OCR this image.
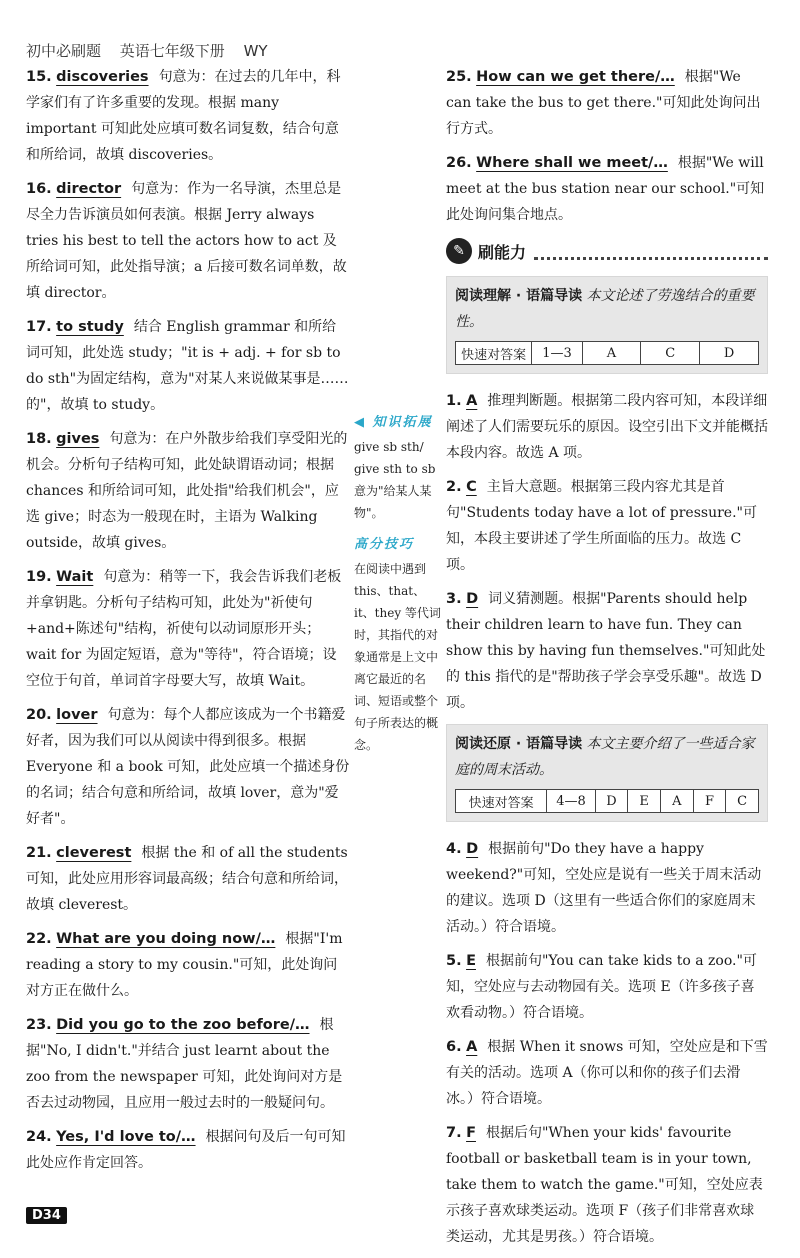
初中必刷题 英语七年级下册 WY
15. discoveries 句意为：在过去的几年中，科学家们有了许多重要的发现。根据 many important 可知此处应填可数名词复数，结合句意和所给词，故填 discoveries。
16. director 句意为：作为一名导演，杰里总是尽全力告诉演员如何表演。根据 Jerry always tries his best to tell the actors how to act 及所给词可知，此处指导演；a 后接可数名词单数，故填 director。
17. to study 结合 English grammar 和所给词可知，此处选 study；"it is + adj. + for sb to do sth"为固定结构，意为"对某人来说做某事是……的"，故填 to study。
18. gives 句意为：在户外散步给我们享受阳光的机会。分析句子结构可知，此处缺谓语动词；根据 chances 和所给词可知，此处指"给我们机会"，应选 give；时态为一般现在时，主语为 Walking outside，故填 gives。
19. Wait 句意为：稍等一下，我会告诉我们老板并拿钥匙。分析句子结构可知，此处为"祈使句+and+陈述句"结构，祈使句以动词原形开头；wait for 为固定短语，意为"等待"，符合语境；设空位于句首，单词首字母要大写，故填 Wait。
20. lover 句意为：每个人都应该成为一个书籍爱好者，因为我们可以从阅读中得到很多。根据 Everyone 和 a book 可知，此处应填一个描述身份的名词；结合句意和所给词，故填 lover，意为"爱好者"。
21. cleverest 根据 the 和 of all the students 可知，此处应用形容词最高级；结合句意和所给词，故填 cleverest。
22. What are you doing now/… 根据"I'm reading a story to my cousin."可知，此处询问对方正在做什么。
23. Did you go to the zoo before/… 根据"No, I didn't."并结合 just learnt about the zoo from the newspaper 可知，此处询问对方是否去过动物园，且应用一般过去时的一般疑问句。
24. Yes, I'd love to/… 根据问句及后一句可知此处应作肯定回答。
◀ 知识拓展
give sb sth/ give sth to sb 意为"给某人某物"。
高分技巧
在阅读中遇到 this、that、it、they 等代词时，其指代的对象通常是上文中离它最近的名词、短语或整个句子所表达的概念。
25. How can we get there/… 根据"We can take the bus to get there."可知此处询问出行方式。
26. Where shall we meet/… 根据"We will meet at the bus station near our school."可知此处询问集合地点。
✎ 刷能力
阅读理解 · 语篇导读 本文论述了劳逸结合的重要性。
快速对答案	1—3	A	C	D
1. A 推理判断题。根据第二段内容可知，本段详细阐述了人们需要玩乐的原因。设空引出下文并能概括本段内容。故选 A 项。
2. C 主旨大意题。根据第三段内容尤其是首句"Students today have a lot of pressure."可知，本段主要讲述了学生所面临的压力。故选 C 项。
3. D 词义猜测题。根据"Parents should help their children learn to have fun. They can show this by having fun themselves."可知此处的 this 指代的是"帮助孩子学会享受乐趣"。故选 D 项。
阅读还原 · 语篇导读 本文主要介绍了一些适合家庭的周末活动。
快速对答案	4—8	D	E	A	F	C
4. D 根据前句"Do they have a happy weekend?"可知，空处应是说有一些关于周末活动的建议。选项 D（这里有一些适合你们的家庭周末活动。）符合语境。
5. E 根据前句"You can take kids to a zoo."可知，空处应与去动物园有关。选项 E（许多孩子喜欢看动物。）符合语境。
6. A 根据 When it snows 可知，空处应是和下雪有关的活动。选项 A（你可以和你的孩子们去滑冰。）符合语境。
7. F 根据后句"When your kids' favourite football or basketball team is in your town, take them to watch the game."可知，空处应表示孩子喜欢球类运动。选项 F（孩子们非常喜欢球类运动，尤其是男孩。）符合语境。
D34
